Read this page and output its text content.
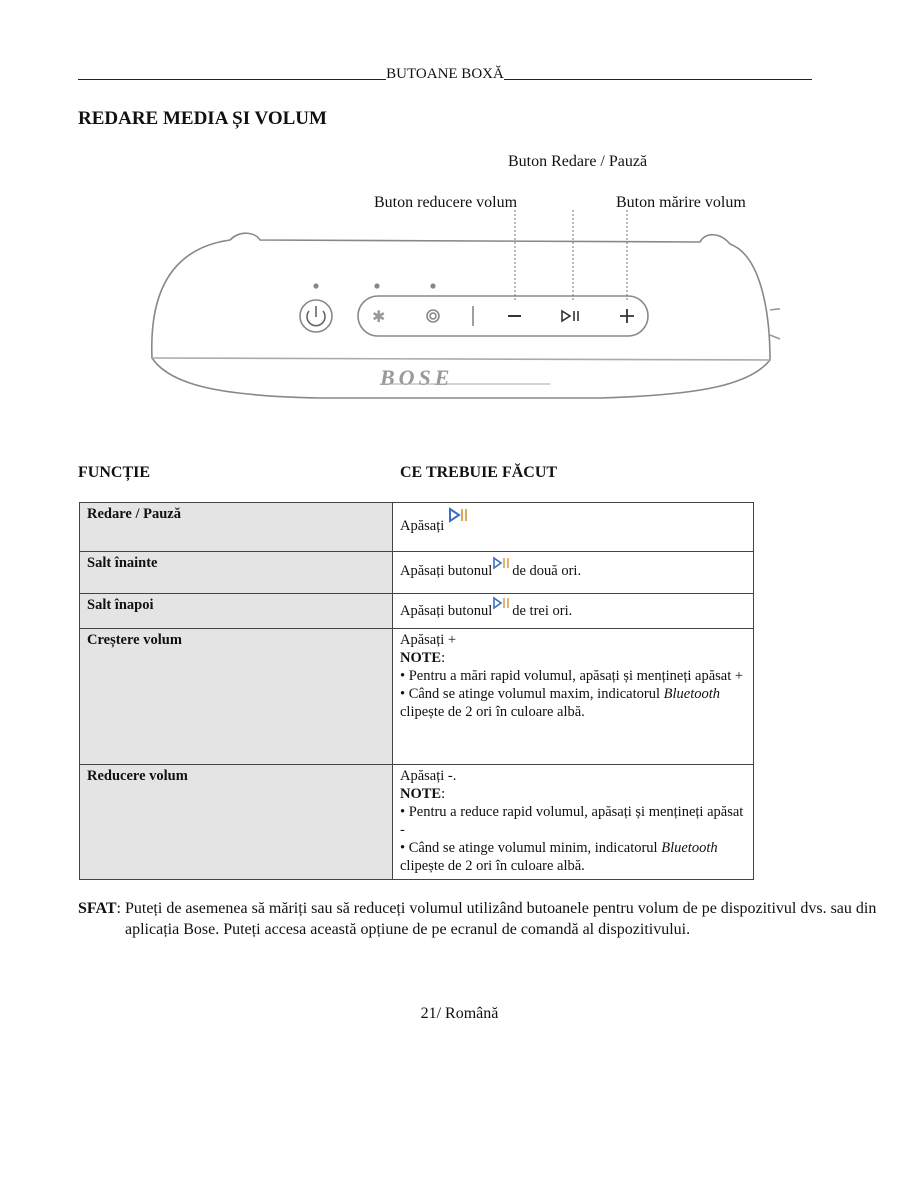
BUTOANE BOXĂ
REDARE MEDIA ȘI VOLUM
Buton Redare / Pauză
Buton reducere volum	Buton mărire volum
✱
BOSE
FUNCȚIE	CE TREBUIE FĂCUT
Redare / Pauză	Apăsați

Salt înainte	Apăsați butonul de două ori.

Salt înapoi	Apăsați butonul de trei ori.

Creștere volum	Apăsați +
NOTE:
• Pentru a mări rapid volumul, apăsați și mențineți apăsat +
• Când se atinge volumul maxim, indicatorul Bluetooth clipește de 2 ori în culoare albă.

Reducere volum	Apăsați -.
NOTE:
• Pentru a reduce rapid volumul, apăsați și mențineți apăsat -
• Când se atinge volumul minim, indicatorul Bluetooth clipește de 2 ori în culoare albă.
SFAT: Puteți de asemenea să măriți sau să reduceți volumul utilizând butoanele pentru volum de pe dispozitivul dvs. sau din aplicația Bose. Puteți accesa această opțiune de pe ecranul de comandă al dispozitivului.
21/ Română
